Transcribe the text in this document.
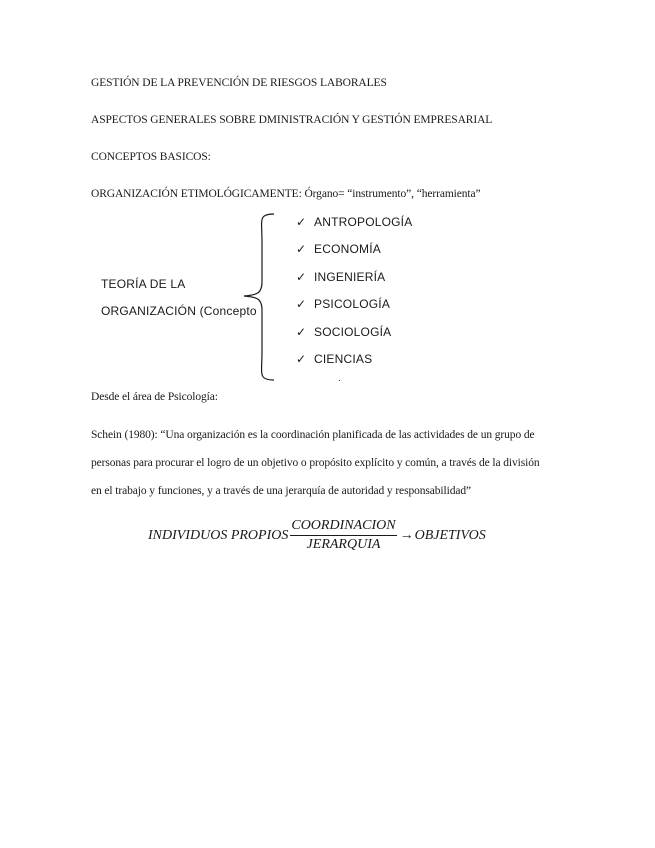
GESTIÓN DE LA PREVENCIÓN DE RIESGOS LABORALES
ASPECTOS GENERALES SOBRE DMINISTRACIÓN Y GESTIÓN EMPRESARIAL
CONCEPTOS BASICOS:
ORGANIZACIÓN ETIMOLÓGICAMENTE: Órgano= “instrumento”, “herramienta”
TEORÍA DE LA
ORGANIZACIÓN (Concepto
✓ ANTROPOLOGÍA
✓ ECONOMÍA
✓ INGENIERÍA
✓ PSICOLOGÍA
✓ SOCIOLOGÍA
✓ CIENCIAS
.
Desde el área de Psicología:
Schein (1980): “Una organización es la coordinación planificada de las actividades de un grupo de
personas para procurar el logro de un objetivo o propósito explícito y común, a través de la división
en el trabajo y funciones, y a través de una jerarquía de autoridad y responsabilidad”
INDIVIDUOS PROPIOS $\frac{\text{COORDINACION}}{\text{JERARQUIA}}$ → OBJETIVOS
